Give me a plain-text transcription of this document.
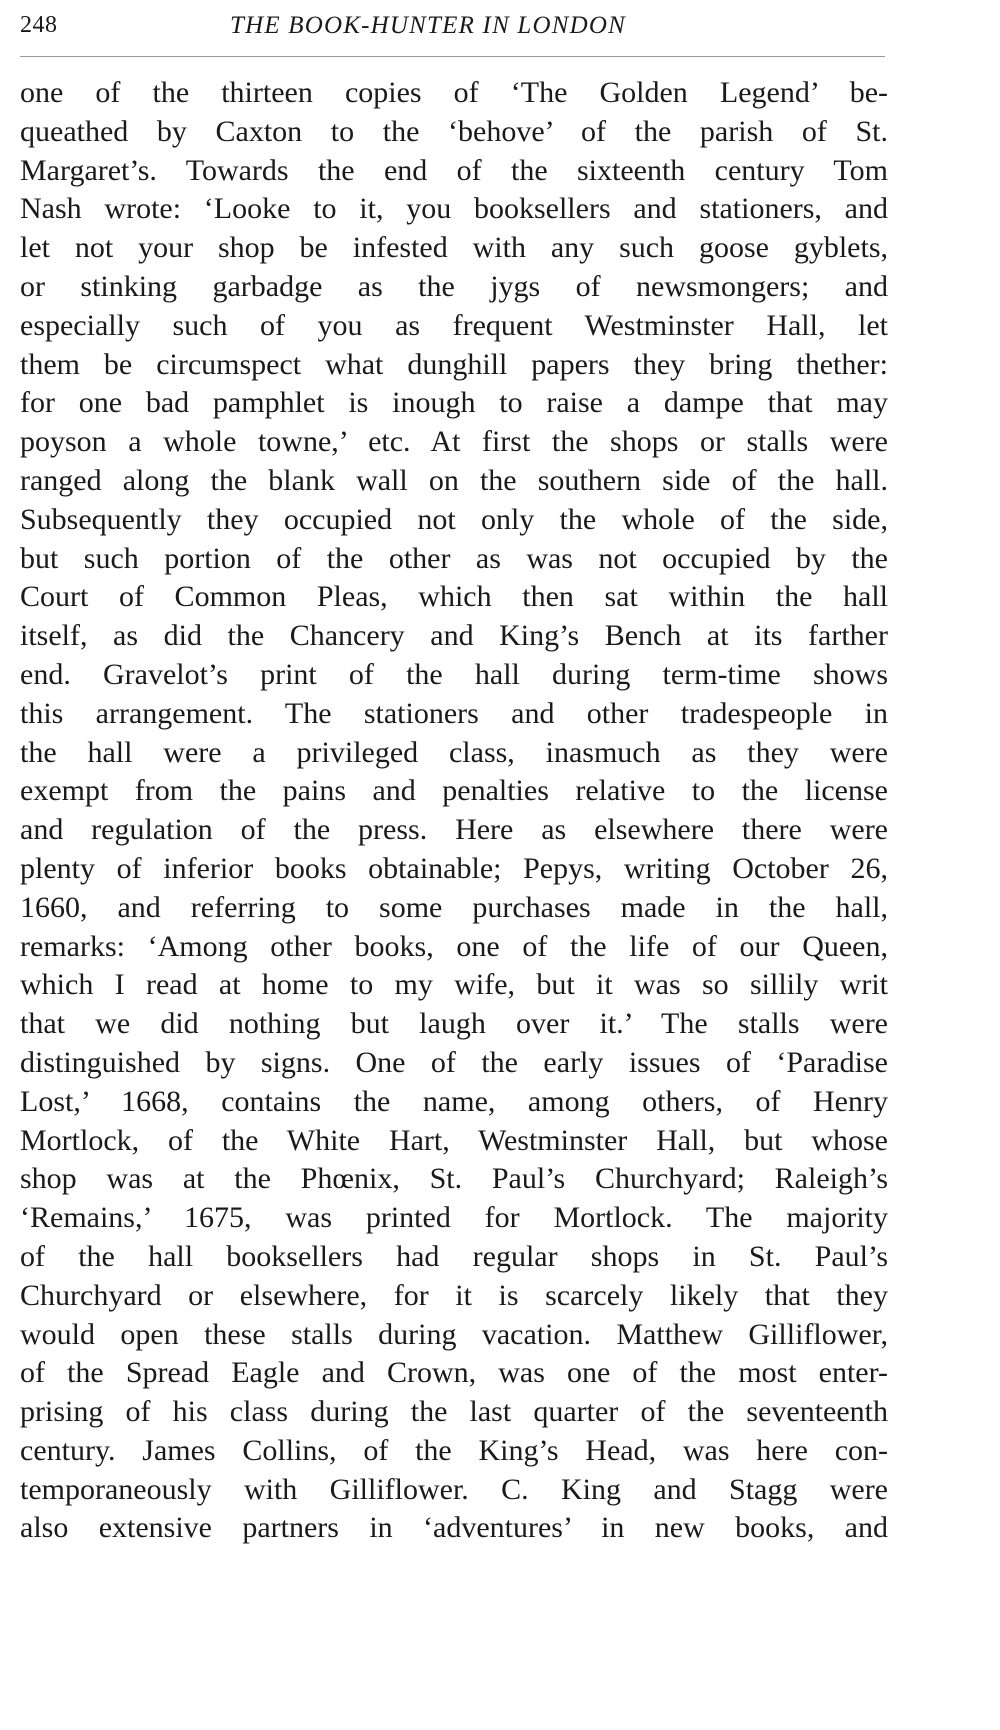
248	THE BOOK-HUNTER IN LONDON
one of the thirteen copies of ‘The Golden Legend’ be-
queathed by Caxton to the ‘behove’ of the parish of St.
Margaret’s. Towards the end of the sixteenth century Tom
Nash wrote: ‘Looke to it, you booksellers and stationers, and
let not your shop be infested with any such goose gyblets,
or stinking garbadge as the jygs of newsmongers; and
especially such of you as frequent Westminster Hall, let
them be circumspect what dunghill papers they bring thether:
for one bad pamphlet is inough to raise a dampe that may
poyson a whole towne,’ etc. At first the shops or stalls were
ranged along the blank wall on the southern side of the hall.
Subsequently they occupied not only the whole of the side,
but such portion of the other as was not occupied by the
Court of Common Pleas, which then sat within the hall
itself, as did the Chancery and King’s Bench at its farther
end. Gravelot’s print of the hall during term-time shows
this arrangement. The stationers and other tradespeople in
the hall were a privileged class, inasmuch as they were
exempt from the pains and penalties relative to the license
and regulation of the press. Here as elsewhere there were
plenty of inferior books obtainable; Pepys, writing October 26,
1660, and referring to some purchases made in the hall,
remarks: ‘Among other books, one of the life of our Queen,
which I read at home to my wife, but it was so sillily writ
that we did nothing but laugh over it.’ The stalls were
distinguished by signs. One of the early issues of ‘Paradise
Lost,’ 1668, contains the name, among others, of Henry
Mortlock, of the White Hart, Westminster Hall, but whose
shop was at the Phœnix, St. Paul’s Churchyard; Raleigh’s
‘Remains,’ 1675, was printed for Mortlock. The majority
of the hall booksellers had regular shops in St. Paul’s
Churchyard or elsewhere, for it is scarcely likely that they
would open these stalls during vacation. Matthew Gilliflower,
of the Spread Eagle and Crown, was one of the most enter-
prising of his class during the last quarter of the seventeenth
century. James Collins, of the King’s Head, was here con-
temporaneously with Gilliflower. C. King and Stagg were
also extensive partners in ‘adventures’ in new books, and
